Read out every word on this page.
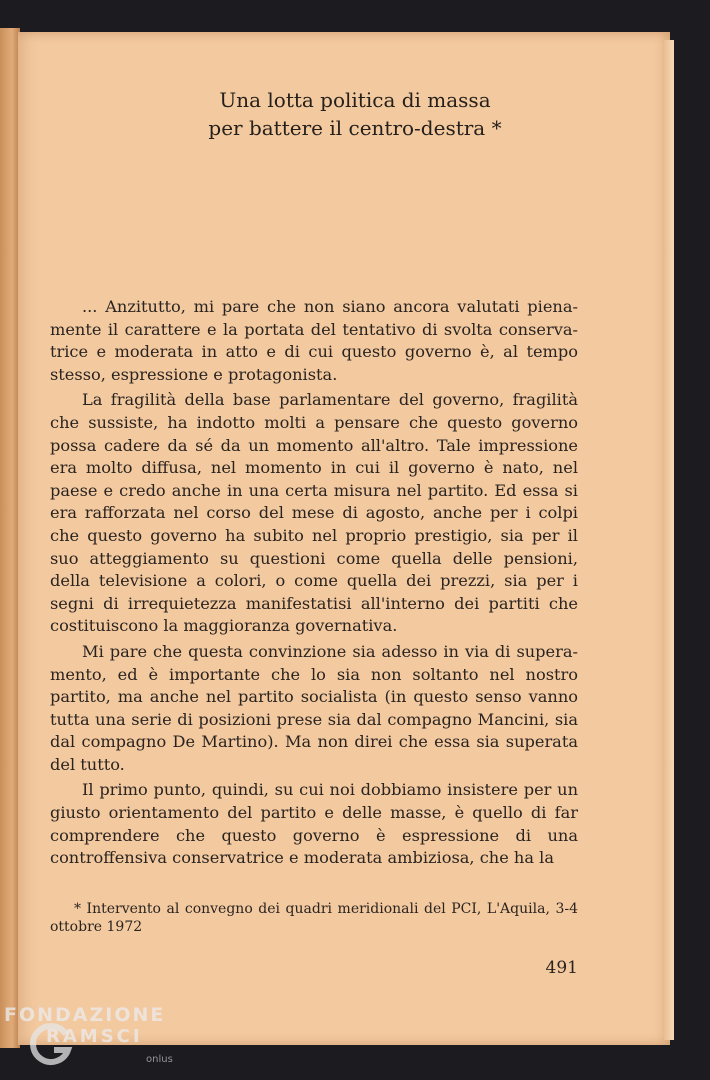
Una lotta politica di massa
per battere il centro-destra *

... Anzitutto, mi pare che non siano ancora valutati pienamente il carattere e la portata del tentativo di svolta conservatrice e moderata in atto e di cui questo governo è, al tempo stesso, espressione e protagonista.

La fragilità della base parlamentare del governo, fragilità che sussiste, ha indotto molti a pensare che questo governo possa cadere da sé da un momento all'altro. Tale impressione era molto diffusa, nel momento in cui il governo è nato, nel paese e credo anche in una certa misura nel partito. Ed essa si era rafforzata nel corso del mese di agosto, anche per i colpi che questo governo ha subito nel proprio prestigio, sia per il suo atteggiamento su questioni come quella delle pensioni, della televisione a colori, o come quella dei prezzi, sia per i segni di irrequietezza manifestatisi all'interno dei partiti che costituiscono la maggioranza governativa.

Mi pare che questa convinzione sia adesso in via di superamento, ed è importante che lo sia non soltanto nel nostro partito, ma anche nel partito socialista (in questo senso vanno tutta una serie di posizioni prese sia dal compagno Mancini, sia dal compagno De Martino). Ma non direi che essa sia superata del tutto.

Il primo punto, quindi, su cui noi dobbiamo insistere per un giusto orientamento del partito e delle masse, è quello di far comprendere che questo governo è espressione di una controffensiva conservatrice e moderata ambiziosa, che ha la

* Intervento al convegno dei quadri meridionali del PCI, L'Aquila, 3-4 ottobre 1972
491
FONDAZIONE
RAMSCI
onlus
